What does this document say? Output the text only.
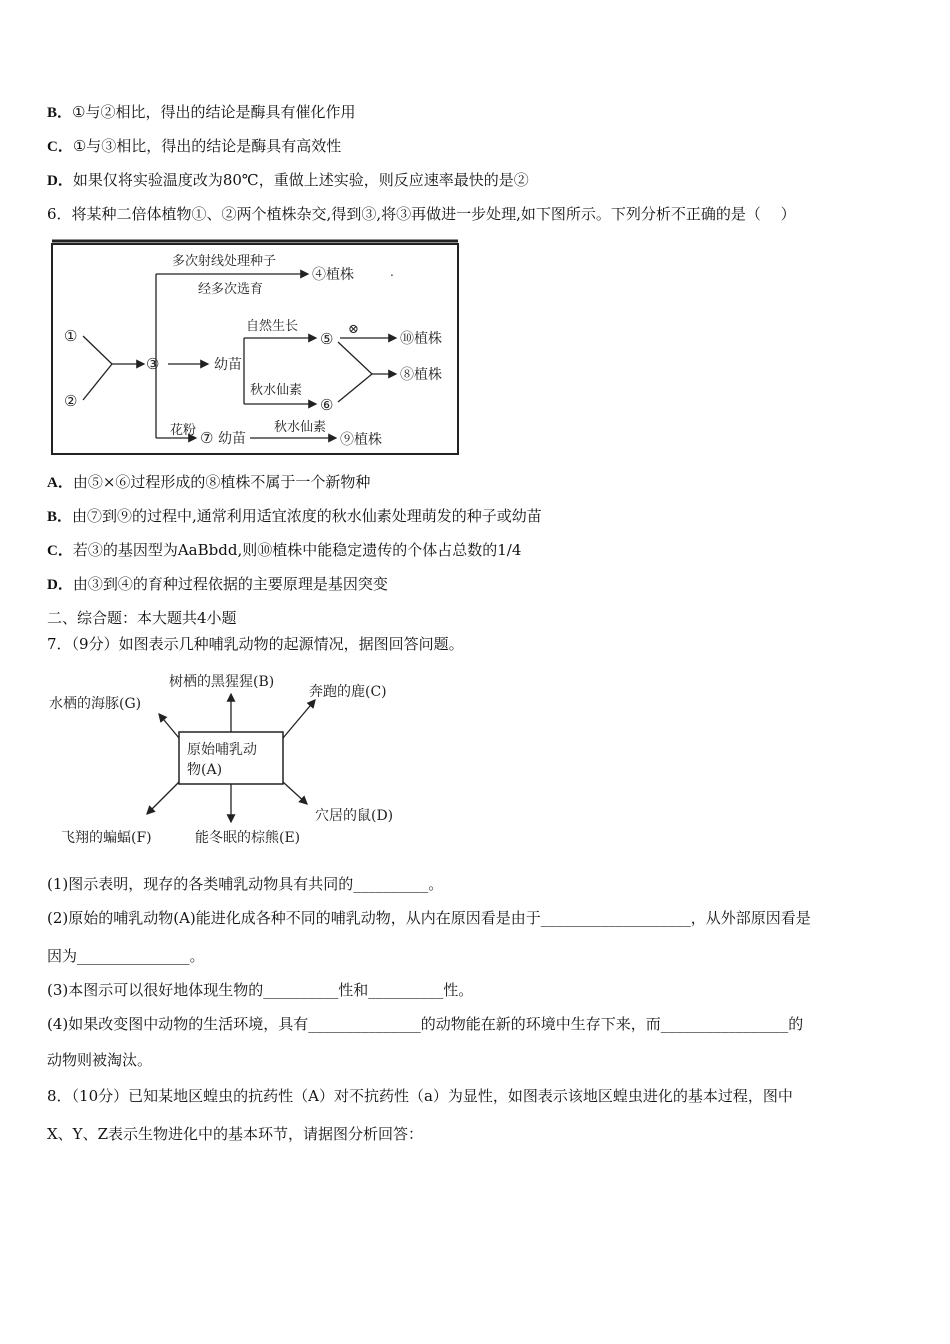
B．①与②相比，得出的结论是酶具有催化作用
C．①与③相比，得出的结论是酶具有高效性
D．如果仅将实验温度改为80℃，重做上述实验，则反应速率最快的是②
6．将某种二倍体植物①、②两个植株杂交,得到③,将③再做进一步处理,如下图所示。下列分析不正确的是（　 ）
①
②
③
多次射线处理种子
经多次选育
④植株	.
幼苗
自然生长
⑤
⊗
⑩植株
秋水仙素
⑥
⑧植株
花粉 ⑦ 幼苗
秋水仙素
⑨植株
A．由⑤×⑥过程形成的⑧植株不属于一个新物种
B．由⑦到⑨的过程中,通常利用适宜浓度的秋水仙素处理萌发的种子或幼苗
C．若③的基因型为AaBbdd,则⑩植株中能稳定遗传的个体占总数的1/4
D．由③到④的育种过程依据的主要原理是基因突变
二、综合题：本大题共4小题
7．（9分）如图表示几种哺乳动物的起源情况，据图回答问题。
原始哺乳动
物(A)
树栖的黑猩猩(B)
奔跑的鹿(C)
水栖的海豚(G)
飞翔的蝙蝠(F)	能冬眠的棕熊(E)
穴居的鼠(D)
(1)图示表明，现存的各类哺乳动物具有共同的__________。
(2)原始的哺乳动物(A)能进化成各种不同的哺乳动物，从内在原因看是由于____________________，从外部原因看是
因为_______________。
(3)本图示可以很好地体现生物的__________性和__________性。
(4)如果改变图中动物的生活环境，具有_______________的动物能在新的环境中生存下来，而_________________的
动物则被淘汰。
8．（10分）已知某地区蝗虫的抗药性（A）对不抗药性（a）为显性，如图表示该地区蝗虫进化的基本过程，图中
X、Y、Z表示生物进化中的基本环节，请据图分析回答：
